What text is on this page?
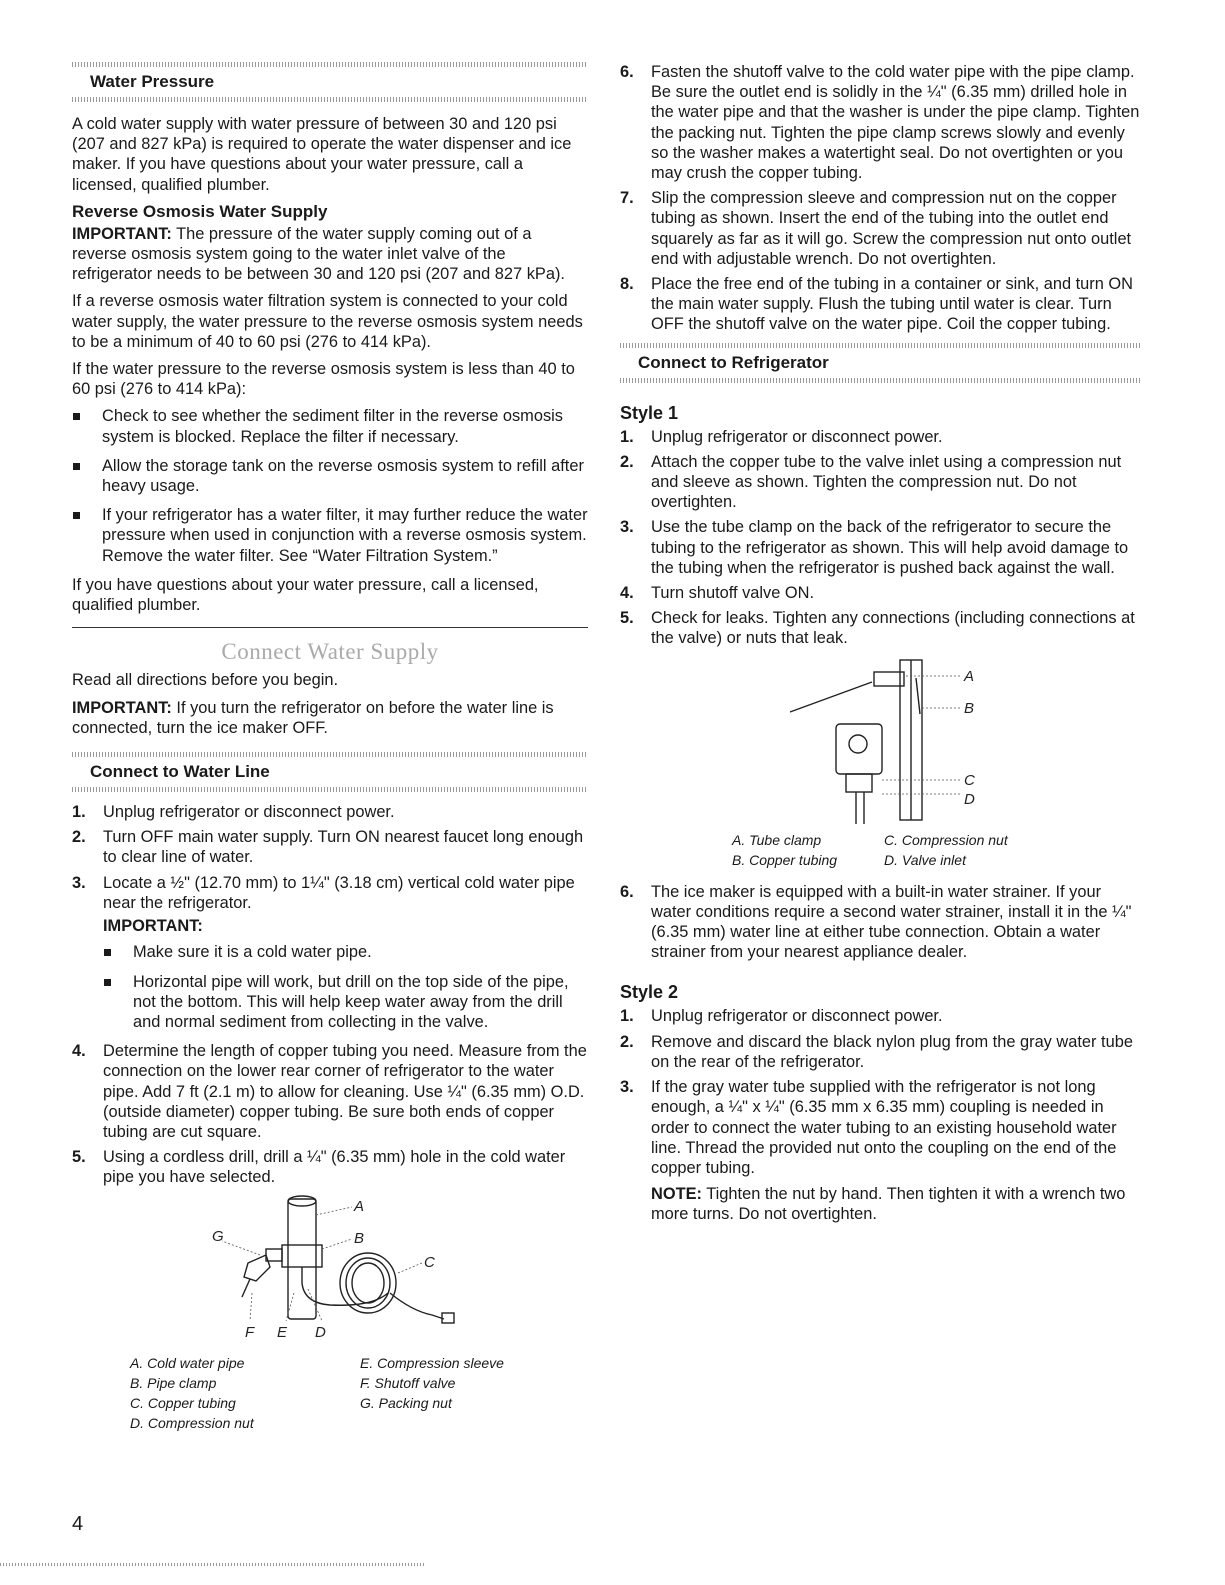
Water Pressure

A cold water supply with water pressure of between 30 and 120 psi (207 and 827 kPa) is required to operate the water dispenser and ice maker. If you have questions about your water pressure, call a licensed, qualified plumber.

Reverse Osmosis Water Supply

IMPORTANT: The pressure of the water supply coming out of a reverse osmosis system going to the water inlet valve of the refrigerator needs to be between 30 and 120 psi (207 and 827 kPa).

If a reverse osmosis water filtration system is connected to your cold water supply, the water pressure to the reverse osmosis system needs to be a minimum of 40 to 60 psi (276 to 414 kPa).

If the water pressure to the reverse osmosis system is less than 40 to 60 psi (276 to 414 kPa):

Check to see whether the sediment filter in the reverse osmosis system is blocked. Replace the filter if necessary.
Allow the storage tank on the reverse osmosis system to refill after heavy usage.
If your refrigerator has a water filter, it may further reduce the water pressure when used in conjunction with a reverse osmosis system. Remove the water filter. See “Water Filtration System.”

If you have questions about your water pressure, call a licensed, qualified plumber.

Connect Water Supply

Read all directions before you begin.

IMPORTANT: If you turn the refrigerator on before the water line is connected, turn the ice maker OFF.

Connect to Water Line
1. Unplug refrigerator or disconnect power.
2. Turn OFF main water supply. Turn ON nearest faucet long enough to clear line of water.
3. Locate a ½" (12.70 mm) to 1¼" (3.18 cm) vertical cold water pipe near the refrigerator.
IMPORTANT:
Make sure it is a cold water pipe.
Horizontal pipe will work, but drill on the top side of the pipe, not the bottom. This will help keep water away from the drill and normal sediment from collecting in the valve.
4. Determine the length of copper tubing you need. Measure from the connection on the lower rear corner of refrigerator to the water pipe. Add 7 ft (2.1 m) to allow for cleaning. Use ¼" (6.35 mm) O.D. (outside diameter) copper tubing. Be sure both ends of copper tubing are cut square.
5. Using a cordless drill, drill a ¼" (6.35 mm) hole in the cold water pipe you have selected.
A
B
C
G
F E D
A. Cold water pipe	E. Compression sleeve
B. Pipe clamp	F. Shutoff valve
C. Copper tubing	G. Packing nut
D. Compression nut
6. Fasten the shutoff valve to the cold water pipe with the pipe clamp. Be sure the outlet end is solidly in the ¼" (6.35 mm) drilled hole in the water pipe and that the washer is under the pipe clamp. Tighten the packing nut. Tighten the pipe clamp screws slowly and evenly so the washer makes a watertight seal. Do not overtighten or you may crush the copper tubing.
7. Slip the compression sleeve and compression nut on the copper tubing as shown. Insert the end of the tubing into the outlet end squarely as far as it will go. Screw the compression nut onto outlet end with adjustable wrench. Do not overtighten.
8. Place the free end of the tubing in a container or sink, and turn ON the main water supply. Flush the tubing until water is clear. Turn OFF the shutoff valve on the water pipe. Coil the copper tubing.
Connect to Refrigerator
Style 1
1. Unplug refrigerator or disconnect power.
2. Attach the copper tube to the valve inlet using a compression nut and sleeve as shown. Tighten the compression nut. Do not overtighten.
3. Use the tube clamp on the back of the refrigerator to secure the tubing to the refrigerator as shown. This will help avoid damage to the tubing when the refrigerator is pushed back against the wall.
4. Turn shutoff valve ON.
5. Check for leaks. Tighten any connections (including connections at the valve) or nuts that leak.
A
B
C
D
A. Tube clamp	C. Compression nut
B. Copper tubing	D. Valve inlet
6. The ice maker is equipped with a built-in water strainer. If your water conditions require a second water strainer, install it in the ¼" (6.35 mm) water line at either tube connection. Obtain a water strainer from your nearest appliance dealer.
Style 2
1. Unplug refrigerator or disconnect power.
2. Remove and discard the black nylon plug from the gray water tube on the rear of the refrigerator.
3. If the gray water tube supplied with the refrigerator is not long enough, a ¼" x ¼" (6.35 mm x 6.35 mm) coupling is needed in order to connect the water tubing to an existing household water line. Thread the provided nut onto the coupling on the end of the copper tubing.

NOTE: Tighten the nut by hand. Then tighten it with a wrench two more turns. Do not overtighten.

4
